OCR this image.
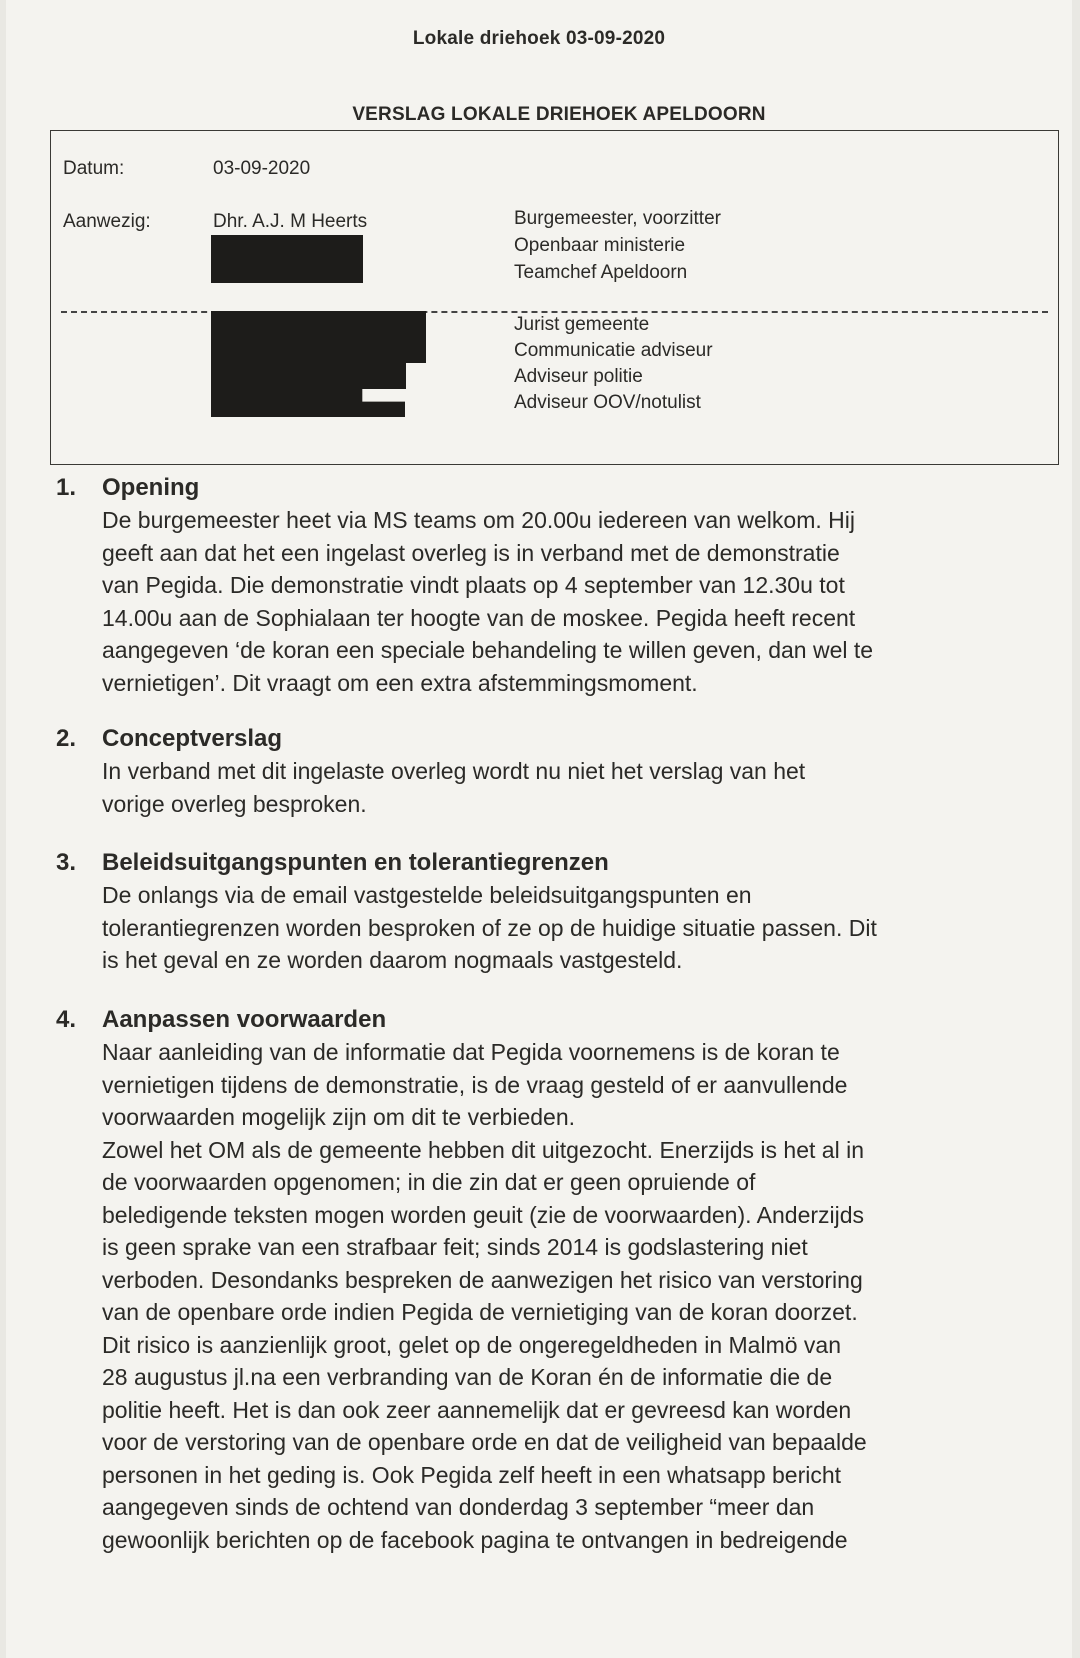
Lokale driehoek 03-09-2020
VERSLAG LOKALE DRIEHOEK APELDOORN
Datum:	03-09-2020
Aanwezig:	Dhr. A.J. M Heerts	Burgemeester, voorzitter
Openbaar ministerie
Teamchef Apeldoorn
Jurist gemeente
Communicatie adviseur
Adviseur politie
Adviseur OOV/notulist
1.	Opening
De burgemeester heet via MS teams om 20.00u iedereen van welkom. Hij
geeft aan dat het een ingelast overleg is in verband met de demonstratie
van Pegida. Die demonstratie vindt plaats op 4 september van 12.30u tot
14.00u aan de Sophialaan ter hoogte van de moskee. Pegida heeft recent
aangegeven ‘de koran een speciale behandeling te willen geven, dan wel te
vernietigen’. Dit vraagt om een extra afstemmingsmoment.
2.	Conceptverslag
In verband met dit ingelaste overleg wordt nu niet het verslag van het
vorige overleg besproken.
3.	Beleidsuitgangspunten en tolerantiegrenzen
De onlangs via de email vastgestelde beleidsuitgangspunten en
tolerantiegrenzen worden besproken of ze op de huidige situatie passen. Dit
is het geval en ze worden daarom nogmaals vastgesteld.
4.	Aanpassen voorwaarden
Naar aanleiding van de informatie dat Pegida voornemens is de koran te
vernietigen tijdens de demonstratie, is de vraag gesteld of er aanvullende
voorwaarden mogelijk zijn om dit te verbieden.
Zowel het OM als de gemeente hebben dit uitgezocht. Enerzijds is het al in
de voorwaarden opgenomen; in die zin dat er geen opruiende of
beledigende teksten mogen worden geuit (zie de voorwaarden). Anderzijds
is geen sprake van een strafbaar feit; sinds 2014 is godslastering niet
verboden. Desondanks bespreken de aanwezigen het risico van verstoring
van de openbare orde indien Pegida de vernietiging van de koran doorzet.
Dit risico is aanzienlijk groot, gelet op de ongeregeldheden in Malmö van
28 augustus jl.na een verbranding van de Koran én de informatie die de
politie heeft. Het is dan ook zeer aannemelijk dat er gevreesd kan worden
voor de verstoring van de openbare orde en dat de veiligheid van bepaalde
personen in het geding is. Ook Pegida zelf heeft in een whatsapp bericht
aangegeven sinds de ochtend van donderdag 3 september “meer dan
gewoonlijk berichten op de facebook pagina te ontvangen in bedreigende
